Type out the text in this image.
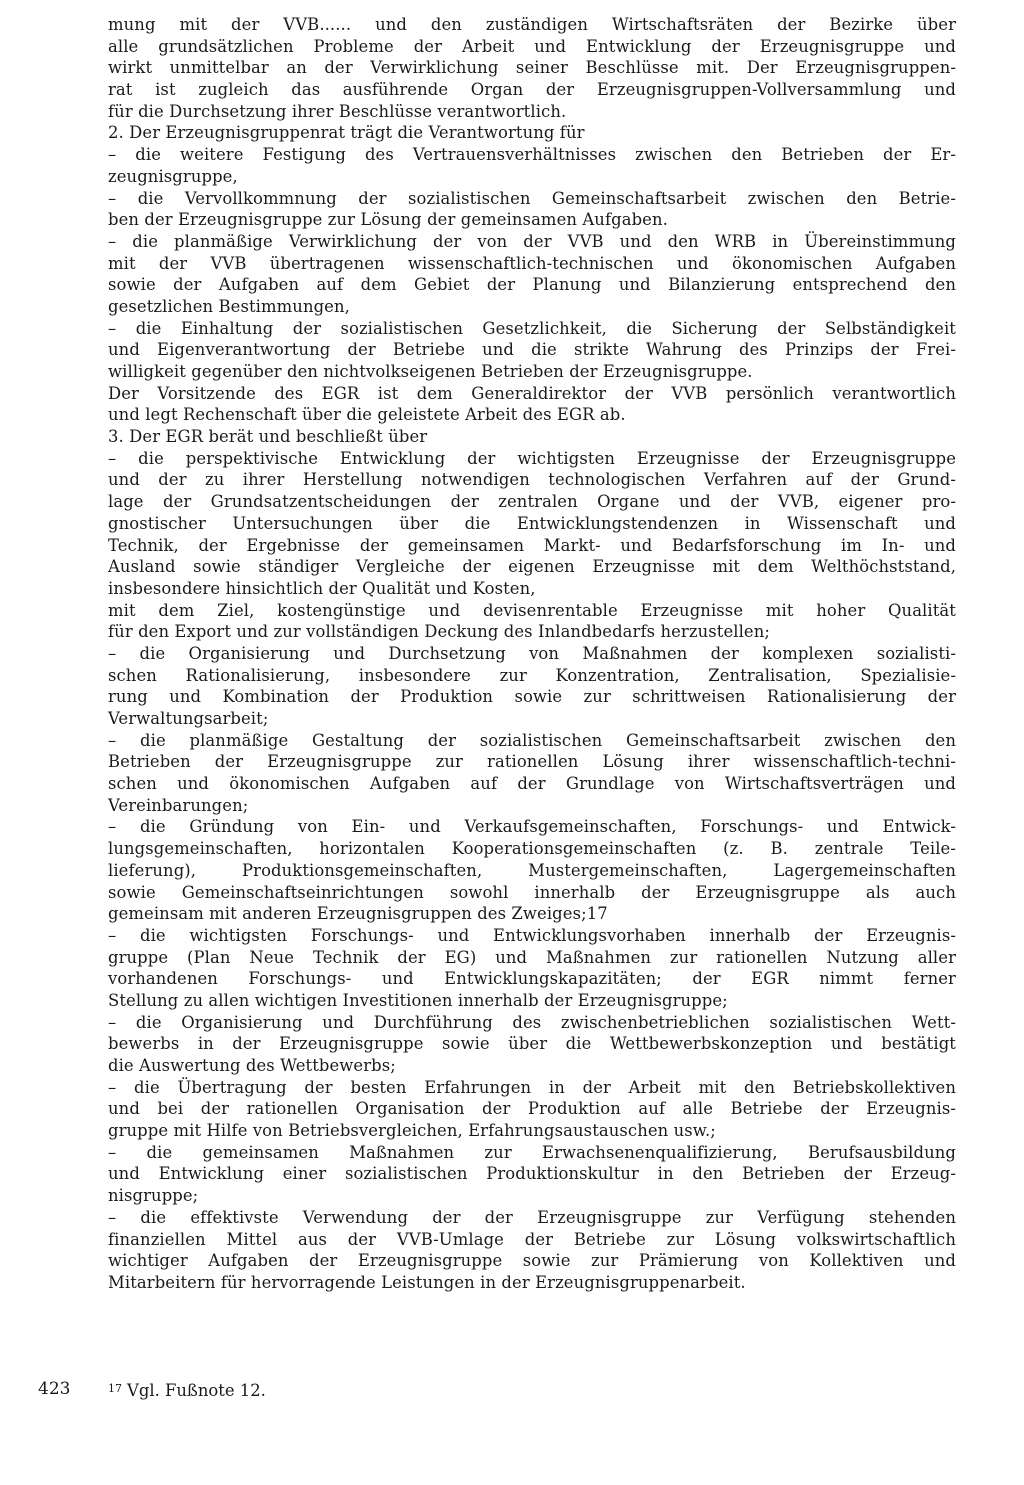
mung mit der VVB...... und den zuständigen Wirtschaftsräten der Bezirke über
alle grundsätzlichen Probleme der Arbeit und Entwicklung der Erzeugnisgruppe und
wirkt unmittelbar an der Verwirklichung seiner Beschlüsse mit. Der Erzeugnisgruppen-
rat ist zugleich das ausführende Organ der Erzeugnisgruppen-Vollversammlung und
für die Durchsetzung ihrer Beschlüsse verantwortlich.
2. Der Erzeugnisgruppenrat trägt die Verantwortung für
– die weitere Festigung des Vertrauensverhältnisses zwischen den Betrieben der Er-
zeugnisgruppe,
– die Vervollkommnung der sozialistischen Gemeinschaftsarbeit zwischen den Betrie-
ben der Erzeugnisgruppe zur Lösung der gemeinsamen Aufgaben.
– die planmäßige Verwirklichung der von der VVB und den WRB in Übereinstimmung
mit der VVB übertragenen wissenschaftlich-technischen und ökonomischen Aufgaben
sowie der Aufgaben auf dem Gebiet der Planung und Bilanzierung entsprechend den
gesetzlichen Bestimmungen,
– die Einhaltung der sozialistischen Gesetzlichkeit, die Sicherung der Selbständigkeit
und Eigenverantwortung der Betriebe und die strikte Wahrung des Prinzips der Frei-
willigkeit gegenüber den nichtvolkseigenen Betrieben der Erzeugnisgruppe.
Der Vorsitzende des EGR ist dem Generaldirektor der VVB persönlich verantwortlich
und legt Rechenschaft über die geleistete Arbeit des EGR ab.
3. Der EGR berät und beschließt über
– die perspektivische Entwicklung der wichtigsten Erzeugnisse der Erzeugnisgruppe
und der zu ihrer Herstellung notwendigen technologischen Verfahren auf der Grund-
lage der Grundsatzentscheidungen der zentralen Organe und der VVB, eigener pro-
gnostischer Untersuchungen über die Entwicklungstendenzen in Wissenschaft und
Technik, der Ergebnisse der gemeinsamen Markt- und Bedarfsforschung im In- und
Ausland sowie ständiger Vergleiche der eigenen Erzeugnisse mit dem Welthöchststand,
insbesondere hinsichtlich der Qualität und Kosten,
mit dem Ziel, kostengünstige und devisenrentable Erzeugnisse mit hoher Qualität
für den Export und zur vollständigen Deckung des Inlandbedarfs herzustellen;
– die Organisierung und Durchsetzung von Maßnahmen der komplexen sozialisti-
schen Rationalisierung, insbesondere zur Konzentration, Zentralisation, Spezialisie-
rung und Kombination der Produktion sowie zur schrittweisen Rationalisierung der
Verwaltungsarbeit;
– die planmäßige Gestaltung der sozialistischen Gemeinschaftsarbeit zwischen den
Betrieben der Erzeugnisgruppe zur rationellen Lösung ihrer wissenschaftlich-techni-
schen und ökonomischen Aufgaben auf der Grundlage von Wirtschaftsverträgen und
Vereinbarungen;
– die Gründung von Ein- und Verkaufsgemeinschaften, Forschungs- und Entwick-
lungsgemeinschaften, horizontalen Kooperationsgemeinschaften (z. B. zentrale Teile-
lieferung), Produktionsgemeinschaften, Mustergemeinschaften, Lagergemeinschaften
sowie Gemeinschaftseinrichtungen sowohl innerhalb der Erzeugnisgruppe als auch
gemeinsam mit anderen Erzeugnisgruppen des Zweiges;17
– die wichtigsten Forschungs- und Entwicklungsvorhaben innerhalb der Erzeugnis-
gruppe (Plan Neue Technik der EG) und Maßnahmen zur rationellen Nutzung aller
vorhandenen Forschungs- und Entwicklungskapazitäten; der EGR nimmt ferner
Stellung zu allen wichtigen Investitionen innerhalb der Erzeugnisgruppe;
– die Organisierung und Durchführung des zwischenbetrieblichen sozialistischen Wett-
bewerbs in der Erzeugnisgruppe sowie über die Wettbewerbskonzeption und bestätigt
die Auswertung des Wettbewerbs;
– die Übertragung der besten Erfahrungen in der Arbeit mit den Betriebskollektiven
und bei der rationellen Organisation der Produktion auf alle Betriebe der Erzeugnis-
gruppe mit Hilfe von Betriebsvergleichen, Erfahrungsaustauschen usw.;
– die gemeinsamen Maßnahmen zur Erwachsenenqualifizierung, Berufsausbildung
und Entwicklung einer sozialistischen Produktionskultur in den Betrieben der Erzeug-
nisgruppe;
– die effektivste Verwendung der der Erzeugnisgruppe zur Verfügung stehenden
finanziellen Mittel aus der VVB-Umlage der Betriebe zur Lösung volkswirtschaftlich
wichtiger Aufgaben der Erzeugnisgruppe sowie zur Prämierung von Kollektiven und
Mitarbeitern für hervorragende Leistungen in der Erzeugnisgruppenarbeit.
423	$^{17}$ Vgl. Fußnote 12.
